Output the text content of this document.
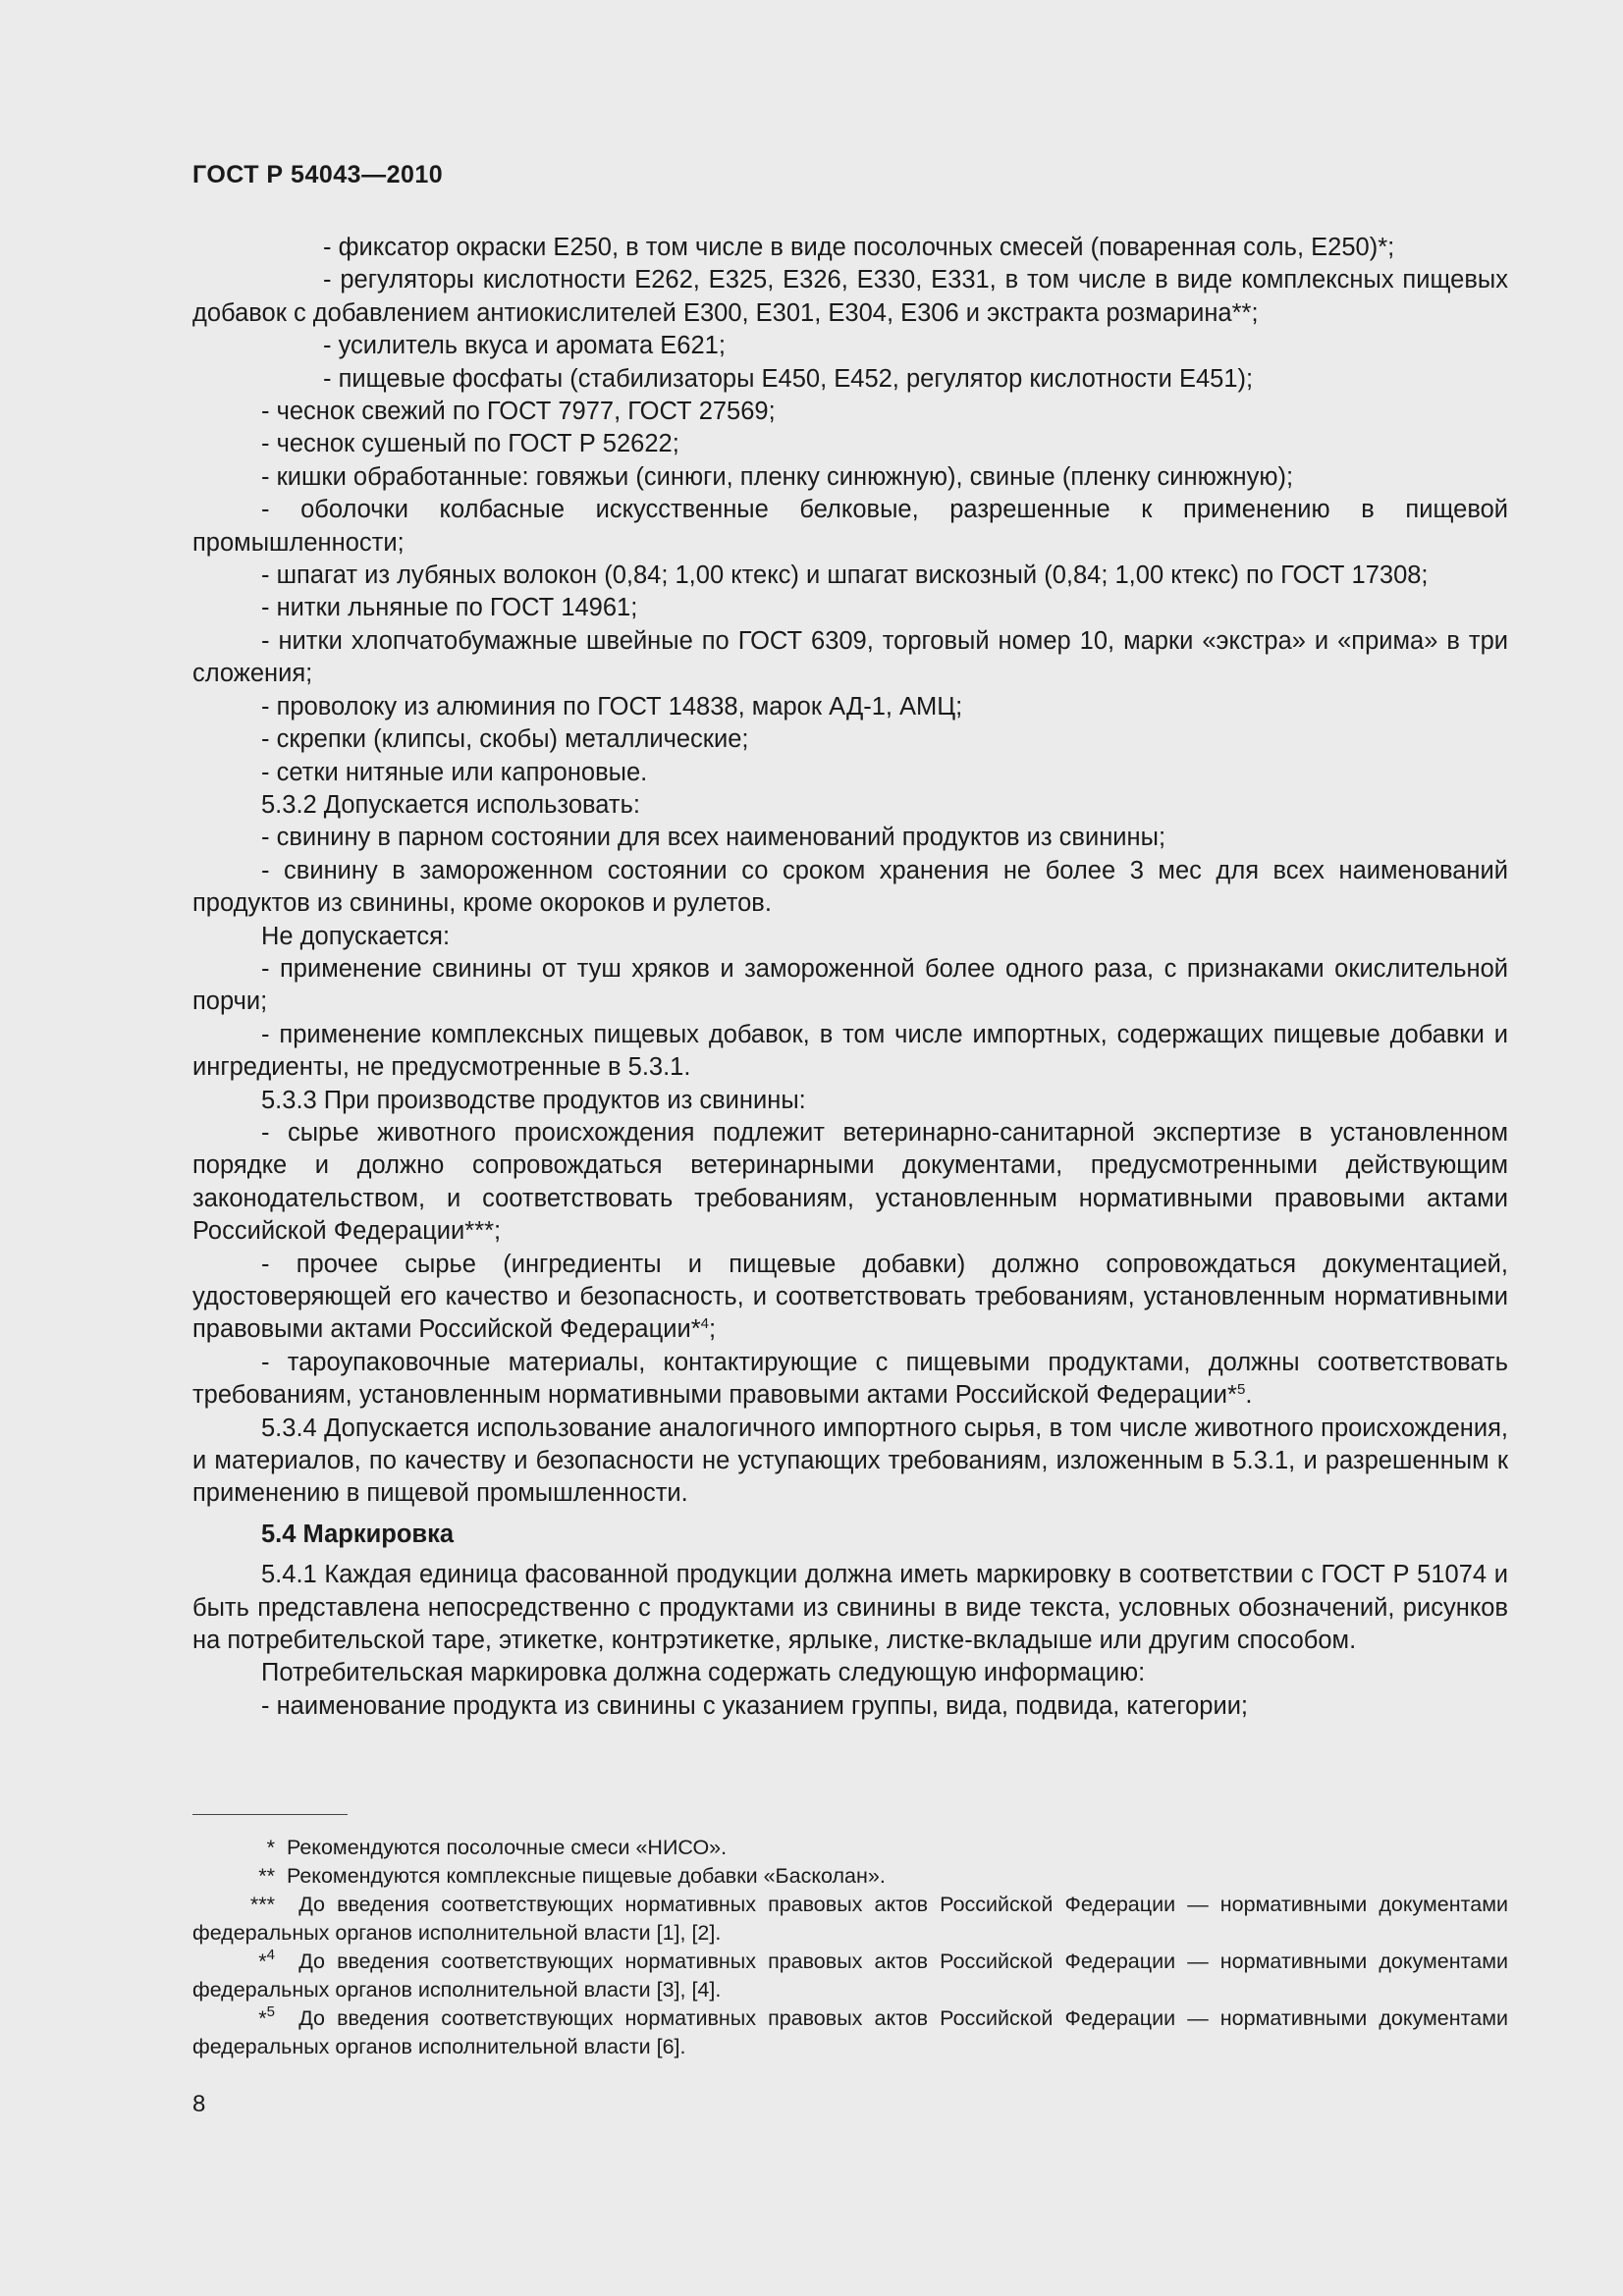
ГОСТ Р 54043—2010

- фиксатор окраски Е250, в том числе в виде посолочных смесей (поваренная соль, Е250)*;

- регуляторы кислотности Е262, Е325, Е326, Е330, Е331, в том числе в виде комплексных пищевых добавок с добавлением антиокислителей Е300, Е301, Е304, Е306 и экстракта розмарина**;

- усилитель вкуса и аромата Е621;

- пищевые фосфаты (стабилизаторы Е450, Е452, регулятор кислотности Е451);

- чеснок свежий по ГОСТ 7977, ГОСТ 27569;

- чеснок сушеный по ГОСТ Р 52622;

- кишки обработанные: говяжьи (синюги, пленку синюжную), свиные (пленку синюжную);

- оболочки колбасные искусственные белковые, разрешенные к применению в пищевой промышленности;

- шпагат из лубяных волокон (0,84; 1,00 ктекс) и шпагат вискозный (0,84; 1,00 ктекс) по ГОСТ 17308;

- нитки льняные по ГОСТ 14961;

- нитки хлопчатобумажные швейные по ГОСТ 6309, торговый номер 10, марки «экстра» и «прима» в три сложения;

- проволоку из алюминия по ГОСТ 14838, марок АД-1, АМЦ;

- скрепки (клипсы, скобы) металлические;

- сетки нитяные или капроновые.

5.3.2 Допускается использовать:

- свинину в парном состоянии для всех наименований продуктов из свинины;

- свинину в замороженном состоянии со сроком хранения не более 3 мес для всех наименований продуктов из свинины, кроме окороков и рулетов.

Не допускается:

- применение свинины от туш хряков и замороженной более одного раза, с признаками окислительной порчи;

- применение комплексных пищевых добавок, в том числе импортных, содержащих пищевые добавки и ингредиенты, не предусмотренные в 5.3.1.

5.3.3 При производстве продуктов из свинины:

- сырье животного происхождения подлежит ветеринарно-санитарной экспертизе в установленном порядке и должно сопровождаться ветеринарными документами, предусмотренными действующим законодательством, и соответствовать требованиям, установленным нормативными правовыми актами Российской Федерации***;

- прочее сырье (ингредиенты и пищевые добавки) должно сопровождаться документацией, удостоверяющей его качество и безопасность, и соответствовать требованиям, установленным нормативными правовыми актами Российской Федерации*$^4$;

- тароупаковочные материалы, контактирующие с пищевыми продуктами, должны соответствовать требованиям, установленным нормативными правовыми актами Российской Федерации*$^5$.

5.3.4 Допускается использование аналогичного импортного сырья, в том числе животного происхождения, и материалов, по качеству и безопасности не уступающих требованиям, изложенным в 5.3.1, и разрешенным к применению в пищевой промышленности.

5.4 Маркировка

5.4.1 Каждая единица фасованной продукции должна иметь маркировку в соответствии с ГОСТ Р 51074 и быть представлена непосредственно с продуктами из свинины в виде текста, условных обозначений, рисунков на потребительской таре, этикетке, контрэтикетке, ярлыке, листке-вкладыше или другим способом.

Потребительская маркировка должна содержать следующую информацию:

- наименование продукта из свинины с указанием группы, вида, подвида, категории;

* Рекомендуются посолочные смеси «НИСО».

** Рекомендуются комплексные пищевые добавки «Басколан».

*** До введения соответствующих нормативных правовых актов Российской Федерации — нормативными документами федеральных органов исполнительной власти [1], [2].

*$^4$ До введения соответствующих нормативных правовых актов Российской Федерации — нормативными документами федеральных органов исполнительной власти [3], [4].

*$^5$ До введения соответствующих нормативных правовых актов Российской Федерации — нормативными документами федеральных органов исполнительной власти [6].

8
